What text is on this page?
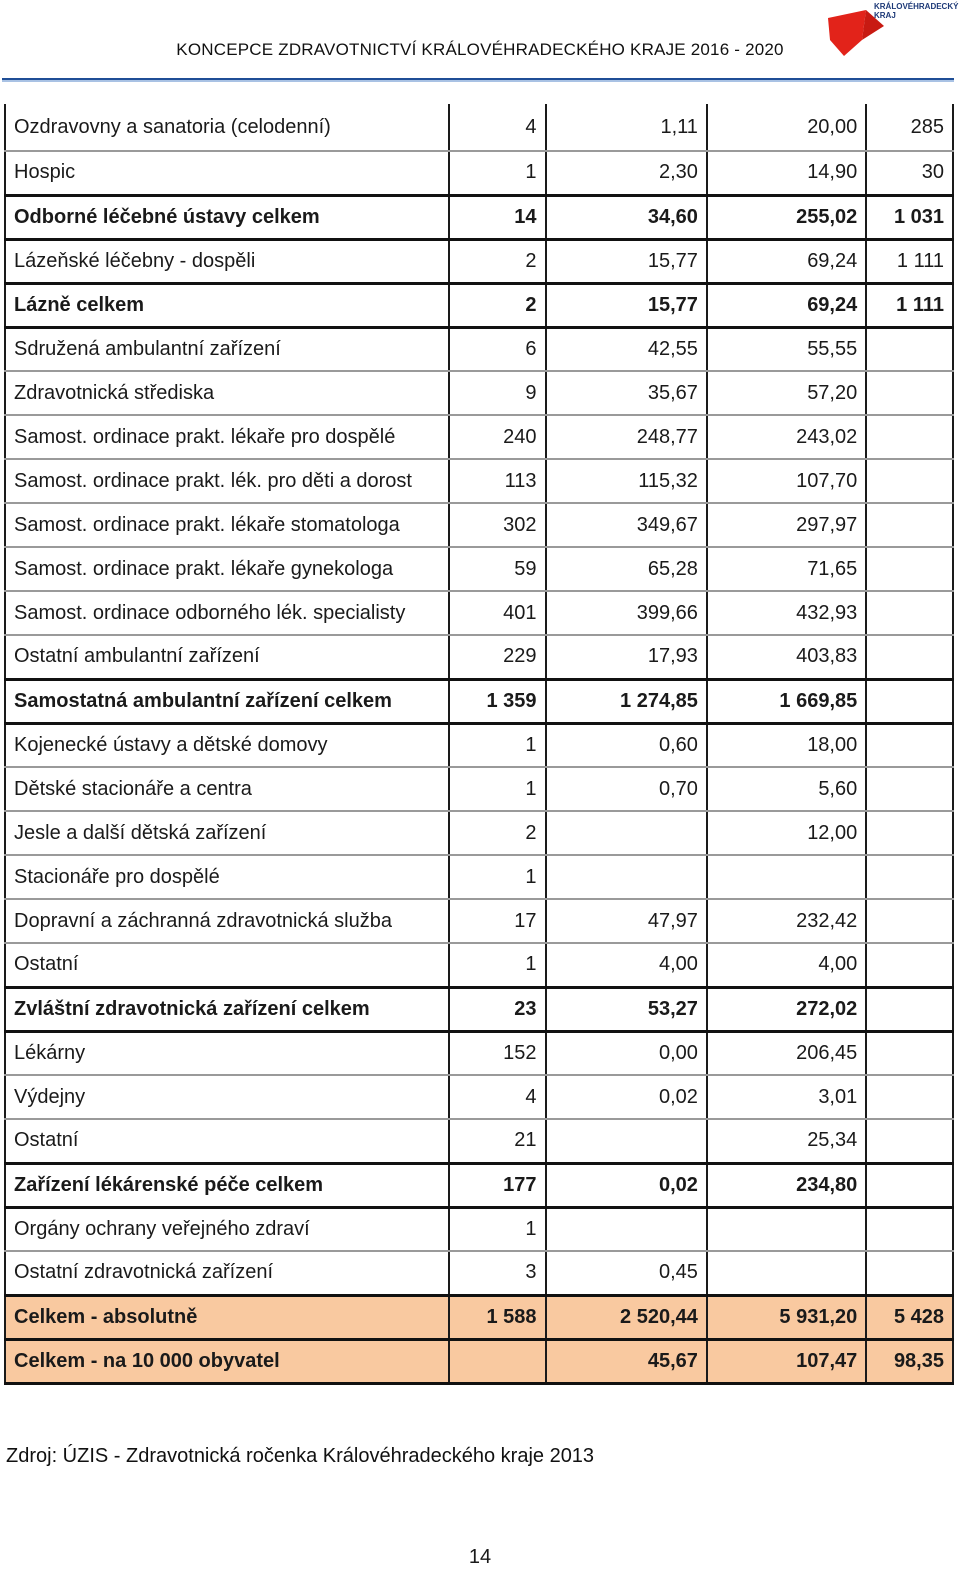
KONCEPCE ZDRAVOTNICTVÍ KRÁLOVÉHRADECKÉHO KRAJE 2016 - 2020
KRÁLOVÉHRADECKÝ
KRAJ
Ozdravovny a sanatoria (celodenní)	4	1,11	20,00	285
Hospic	1	2,30	14,90	30
Odborné léčebné ústavy celkem	14	34,60	255,02	1 031
Lázeňské léčebny - dospěli	2	15,77	69,24	1 111
Lázně celkem	2	15,77	69,24	1 111
Sdružená ambulantní zařízení	6	42,55	55,55	
Zdravotnická střediska	9	35,67	57,20	
Samost. ordinace prakt. lékaře pro dospělé	240	248,77	243,02	
Samost. ordinace prakt. lék. pro děti a dorost	113	115,32	107,70	
Samost. ordinace prakt. lékaře stomatologa	302	349,67	297,97	
Samost. ordinace prakt. lékaře gynekologa	59	65,28	71,65	
Samost. ordinace odborného lék. specialisty	401	399,66	432,93	
Ostatní ambulantní zařízení	229	17,93	403,83	
Samostatná ambulantní zařízení celkem	1 359	1 274,85	1 669,85	
Kojenecké ústavy a dětské domovy	1	0,60	18,00	
Dětské stacionáře a centra	1	0,70	5,60	
Jesle a další dětská zařízení	2		12,00	
Stacionáře pro dospělé	1			
Dopravní a záchranná zdravotnická služba	17	47,97	232,42	
Ostatní	1	4,00	4,00	
Zvláštní zdravotnická zařízení celkem	23	53,27	272,02	
Lékárny	152	0,00	206,45	
Výdejny	4	0,02	3,01	
Ostatní	21		25,34	
Zařízení lékárenské péče celkem	177	0,02	234,80	
Orgány ochrany veřejného zdraví	1			
Ostatní zdravotnická zařízení	3	0,45		
Celkem - absolutně	1 588	2 520,44	5 931,20	5 428
Celkem - na 10 000 obyvatel		45,67	107,47	98,35
Zdroj: ÚZIS - Zdravotnická ročenka Královéhradeckého kraje 2013
14
